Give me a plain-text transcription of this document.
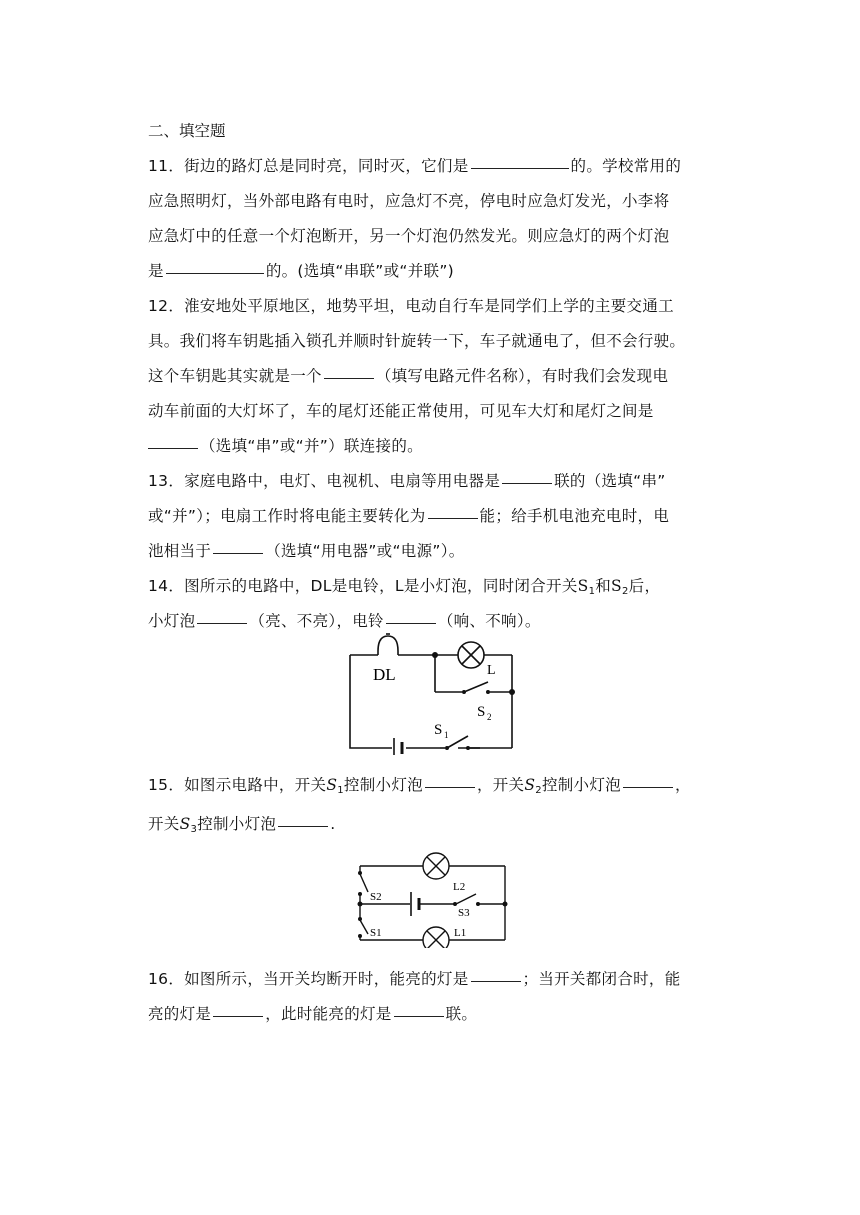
二、填空题
11．街边的路灯总是同时亮，同时灭，它们是	的。学校常用的
应急照明灯，当外部电路有电时，应急灯不亮，停电时应急灯发光，小李将
应急灯中的任意一个灯泡断开，另一个灯泡仍然发光。则应急灯的两个灯泡
是	的。(选填“串联”或“并联”)
12．淮安地处平原地区，地势平坦，电动自行车是同学们上学的主要交通工
具。我们将车钥匙插入锁孔并顺时针旋转一下，车子就通电了，但不会行驶。
这个车钥匙其实就是一个	（填写电路元件名称），有时我们会发现电
动车前面的大灯坏了，车的尾灯还能正常使用，可见车大灯和尾灯之间是
（选填“串”或“并”）联连接的。
13．家庭电路中，电灯、电视机、电扇等用电器是	联的（选填“串”
或“并”）；电扇工作时将电能主要转化为	能；给手机电池充电时，电
池相当于	（选填“用电器”或“电源”）。
14．图所示的电路中，DL是电铃，L是小灯泡，同时闭合开关$S_1$和$S_2$后，
小灯泡	（亮、不亮），电铃	（响、不响）。
DL	L
S 2
S 1
15．如图示电路中，开关$S_1$控制小灯泡	，开关$S_2$控制小灯泡	，
开关$S_3$控制小灯泡	.
S2
L2
S3
S1	L1
16．如图所示，当开关均断开时，能亮的灯是	；当开关都闭合时，能
亮的灯是	，此时能亮的灯是	联。
